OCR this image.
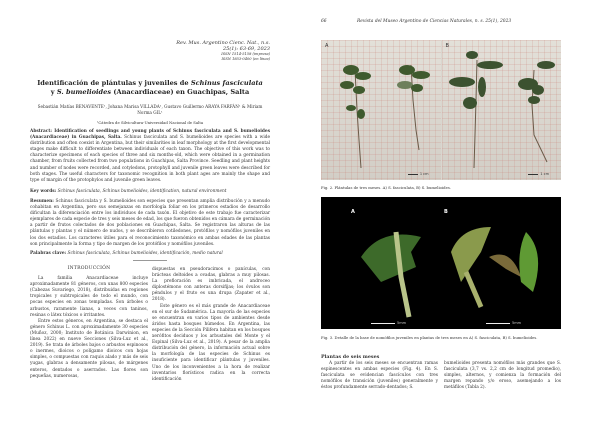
Rev. Mus. Argentino Cienc. Nat., n.s.
25(1): 63-69, 2023
ISSN 1514-5158 (impresa)
ISSN 1853-0400 (en línea)
Identificación de plántulas y juveniles de Schinus fasciculata
y S. bumelioides (Anacardiaceae) en Guachipas, Salta
Sebastián Matías BENAVENTE¹, Johana Marisa VILLADA¹, Gustavo Guillermo ARAYA FARFÁN¹ & Miriam Norma GIL¹
¹Cátedra de Silvicultura-Universidad Nacional de Salta
Abstract: Identification of seedlings and young plants of Schinus fasciculata and S. bumelioides (Anacardiaceae) in Guachipas, Salta. Schinus fasciculata and S. bumelioides are species with a wide distribution and often coexist in Argentina, but their similarities in leaf morphology at the first developmental stages make difficult to differentiate between individuals of each taxon. The objective of this work was to characterize specimens of each species of three and six months-old, which were obtained in a germination chamber, from fruits collected from two populations in Guachipas, Salta Province. Seedling and plant heights and number of nodes were recorded, and cotyledons, protophyll and juvenile green leaves were described for both stages. The useful characters for taxonomic recognition in both plant ages are mainly the shape and type of margin of the protophylos and juvenile green leaves.
Key words: Schinus fasciculata, Schinus bumelioides, identification, natural environment
Resumen: Schinus fasciculata y S. bumelioides son especies que presentan amplia distribución y a menudo cohabitan en Argentina, pero sus semejanzas en morfología foliar en los primeros estadios de desarrollo dificultan la diferenciación entre los individuos de cada taxón. El objetivo de este trabajo fue caracterizar ejemplares de cada especie de tres y seis meses de edad, los que fueron obtenidos en cámara de germinación a partir de frutos colectados de dos poblaciones en Guachipas, Salta. Se registraron las alturas de las plántulas y plantas y el número de nudos, y se describieron cotiledones, protófilos y nomófilos juveniles en los dos estadios. Los caracteres útiles para el reconocimiento taxonómico en ambas edades de las plantas son principalmente la forma y tipo de margen de los protófilos y nomófilos juveniles.
Palabras clave: Schinus fasciculata, Schinus bumelioides, identificación, medio natural
INTRODUCCIÓN
La familia Anacardiaceae incluye aproximadamente 81 géneros, con unas 800 especies (Cabezas Suvariego, 2018), distribuidas en regiones tropicales y subtropicales de todo el mundo, con pocas especies en zonas templadas. Son árboles o arbustos, raramente lianas, a veces con taninos, resinas o látex tóxicos o irritantes.
Entre estos géneros, en Argentina, se destaca el género Schinus L. con aproximadamente 30 especies (Muñoz, 2000; Instituto de Botánica Darwinion, en línea 2022) en nueve Secciones (Silva-Luz et al., 2019). Se trata de árboles bajos o arbustos espinosos o inermes, dioicos o polígamo dioicos con hojas simples, o compuestas con raquis alado y más de seis yugas, glabras a densamente pilosas, de márgenes enteros, dentados o aserrados. Las flores son pequeñas, numerosas,
dispuestas en pseudoracimos o panículas, con brácteas deltoides a ovadas, glabras a muy pilosas. La prefloración es imbricada, el androceo diplostémono con anteras dorsifijas; los óvulos son péndulos y el fruto es una drupa (Zapater et al., 2018).
Este género es el más grande de Anacardiaceae en el sur de Sudamérica. La mayoría de las especies se encuentran en varios tipos de ambientes desde áridos hasta bosques húmedos. En Argentina, las especies de la Sección Pilifera habitan en los bosques xerófitos deciduos y los arbustales del Monte y el Espinal (Silva-Luz et al., 2019). A pesar de la amplia distribución del género, la información actual sobre la morfología de las especies de Schinus es insuficiente para identificar plántulas y juveniles. Uno de los inconvenientes a la hora de realizar inventarios florísticos radica en la correcta identificación
66	Revista del Museo Argentino de Ciencias Naturales, n. s. 25(1), 2023
A
1 cm
B
1 cm
Fig. 2. Plántulas de tres meses. A) S. fasciculata, B) S. bumelioides.
A	B
5mm	5mm
Fig. 3. Detalle de la base de nomófilos juveniles en plantas de tres meses en A) S. fasciculata, B) S. bumelioides.
Plantas de seis meses
A partir de los seis meses se encuentran ramas espinescentes en ambas especies (Fig. 4). En S. fasciculata se evidencian fascículos con tres nomófilos de transición (juveniles) generalmente y éstos profundamente serrado-dentados; S.
bumelioides presenta nomófilos más grandes que S. fasciculata (3,7 vs. 2,2 cm de longitud promedio), simples, alternos, y comienza la formación del margen repando y/o eroso, asemejando a los metáfilos (Tabla 2).
